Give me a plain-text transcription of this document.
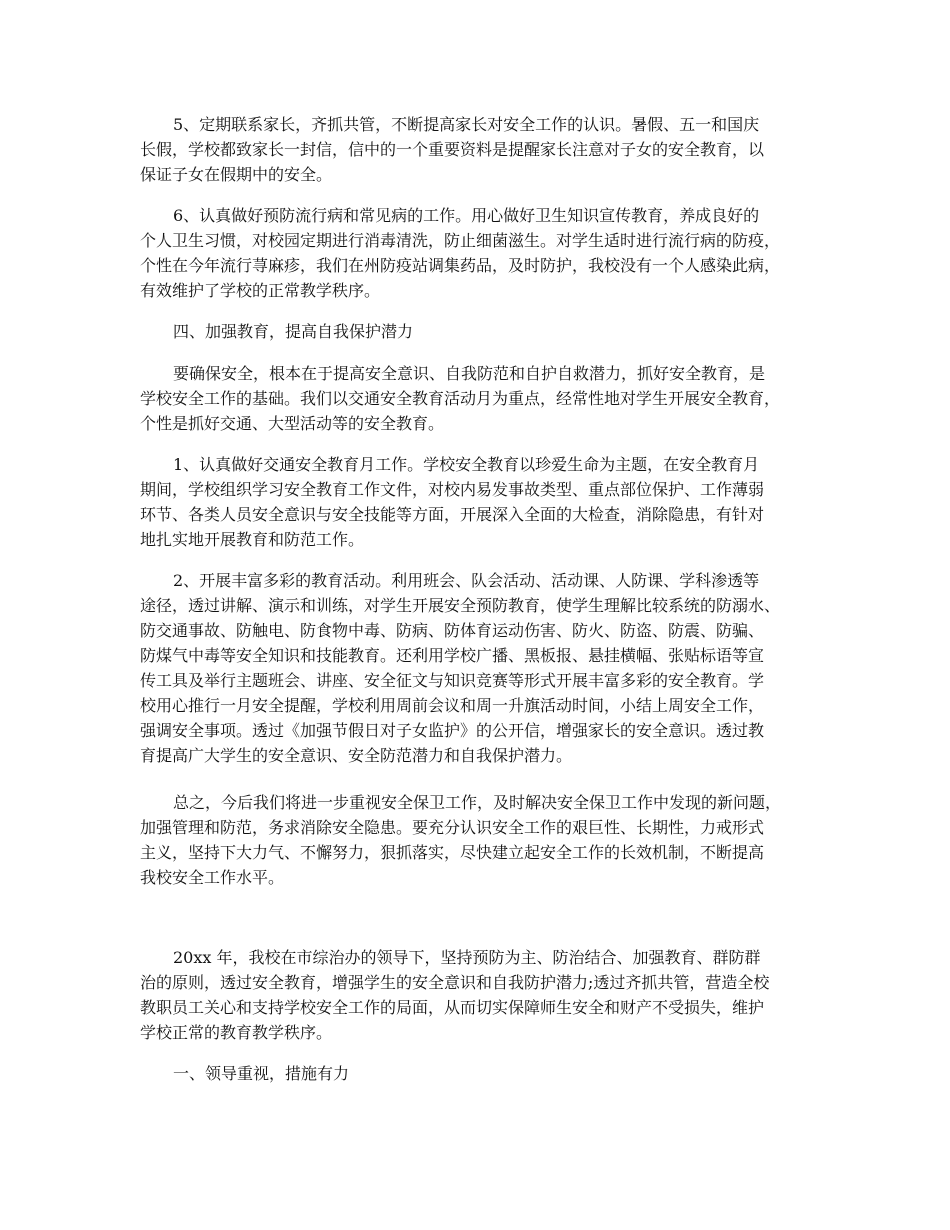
5、定期联系家长，齐抓共管，不断提高家长对安全工作的认识。暑假、五一和国庆
长假，学校都致家长一封信，信中的一个重要资料是提醒家长注意对子女的安全教育，以
保证子女在假期中的安全。
6、认真做好预防流行病和常见病的工作。用心做好卫生知识宣传教育，养成良好的
个人卫生习惯，对校园定期进行消毒清洗，防止细菌滋生。对学生适时进行流行病的防疫，
个性在今年流行荨麻疹，我们在州防疫站调集药品，及时防护，我校没有一个人感染此病，
有效维护了学校的正常教学秩序。
四、加强教育，提高自我保护潜力
要确保安全，根本在于提高安全意识、自我防范和自护自救潜力，抓好安全教育，是
学校安全工作的基础。我们以交通安全教育活动月为重点，经常性地对学生开展安全教育，
个性是抓好交通、大型活动等的安全教育。
1、认真做好交通安全教育月工作。学校安全教育以珍爱生命为主题，在安全教育月
期间，学校组织学习安全教育工作文件，对校内易发事故类型、重点部位保护、工作薄弱
环节、各类人员安全意识与安全技能等方面，开展深入全面的大检查，消除隐患，有针对
地扎实地开展教育和防范工作。
2、开展丰富多彩的教育活动。利用班会、队会活动、活动课、人防课、学科渗透等
途径，透过讲解、演示和训练，对学生开展安全预防教育，使学生理解比较系统的防溺水、
防交通事故、防触电、防食物中毒、防病、防体育运动伤害、防火、防盗、防震、防骗、
防煤气中毒等安全知识和技能教育。还利用学校广播、黑板报、悬挂横幅、张贴标语等宣
传工具及举行主题班会、讲座、安全征文与知识竞赛等形式开展丰富多彩的安全教育。学
校用心推行一月安全提醒，学校利用周前会议和周一升旗活动时间，小结上周安全工作，
强调安全事项。透过《加强节假日对子女监护》的公开信，增强家长的安全意识。透过教
育提高广大学生的安全意识、安全防范潜力和自我保护潜力。
总之，今后我们将进一步重视安全保卫工作，及时解决安全保卫工作中发现的新问题，
加强管理和防范，务求消除安全隐患。要充分认识安全工作的艰巨性、长期性，力戒形式
主义，坚持下大力气、不懈努力，狠抓落实，尽快建立起安全工作的长效机制，不断提高
我校安全工作水平。
20xx 年，我校在市综治办的领导下，坚持预防为主、防治结合、加强教育、群防群
治的原则，透过安全教育，增强学生的安全意识和自我防护潜力;透过齐抓共管，营造全校
教职员工关心和支持学校安全工作的局面，从而切实保障师生安全和财产不受损失，维护
学校正常的教育教学秩序。
一、领导重视，措施有力
